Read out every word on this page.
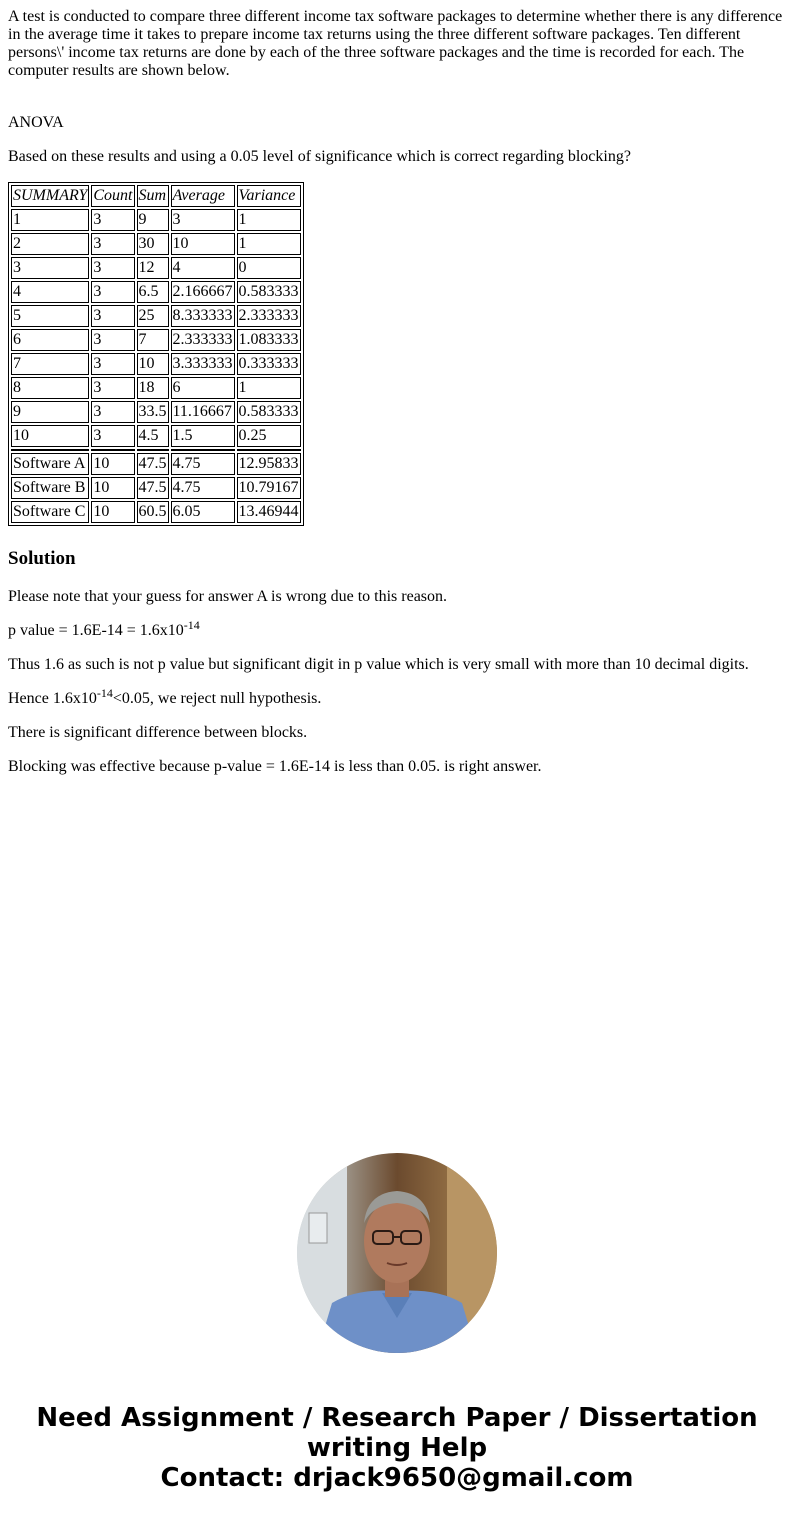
A test is conducted to compare three different income tax software packages to determine whether there is any difference in the average time it takes to prepare income tax returns using the three different software packages. Ten different persons\' income tax returns are done by each of the three software packages and the time is recorded for each. The computer results are shown below.

ANOVA

Based on these results and using a 0.05 level of significance which is correct regarding blocking?

SUMMARY	Count	Sum	Average	Variance
1	3	9	3	1
2	3	30	10	1
3	3	12	4	0
4	3	6.5	2.166667	0.583333
5	3	25	8.333333	2.333333
6	3	7	2.333333	1.083333
7	3	10	3.333333	0.333333
8	3	18	6	1
9	3	33.5	11.16667	0.583333
10	3	4.5	1.5	0.25

Software A	10	47.5	4.75	12.95833
Software B	10	47.5	4.75	10.79167
Software C	10	60.5	6.05	13.46944
Solution

Please note that your guess for answer A is wrong due to this reason.

p value = $1.6E-14 = 1.6x10^{-14}$

Thus 1.6 as such is not p value but significant digit in p value which is very small with more than 10 decimal digits.

Hence $1.6x10^{-14}<0.05$, we reject null hypothesis.

There is significant difference between blocks.

Blocking was effective because p-value = 1.6E-14 is less than 0.05. is right answer.

Need Assignment / Research Paper / Dissertation
writing Help
Contact: drjack9650@gmail.com
